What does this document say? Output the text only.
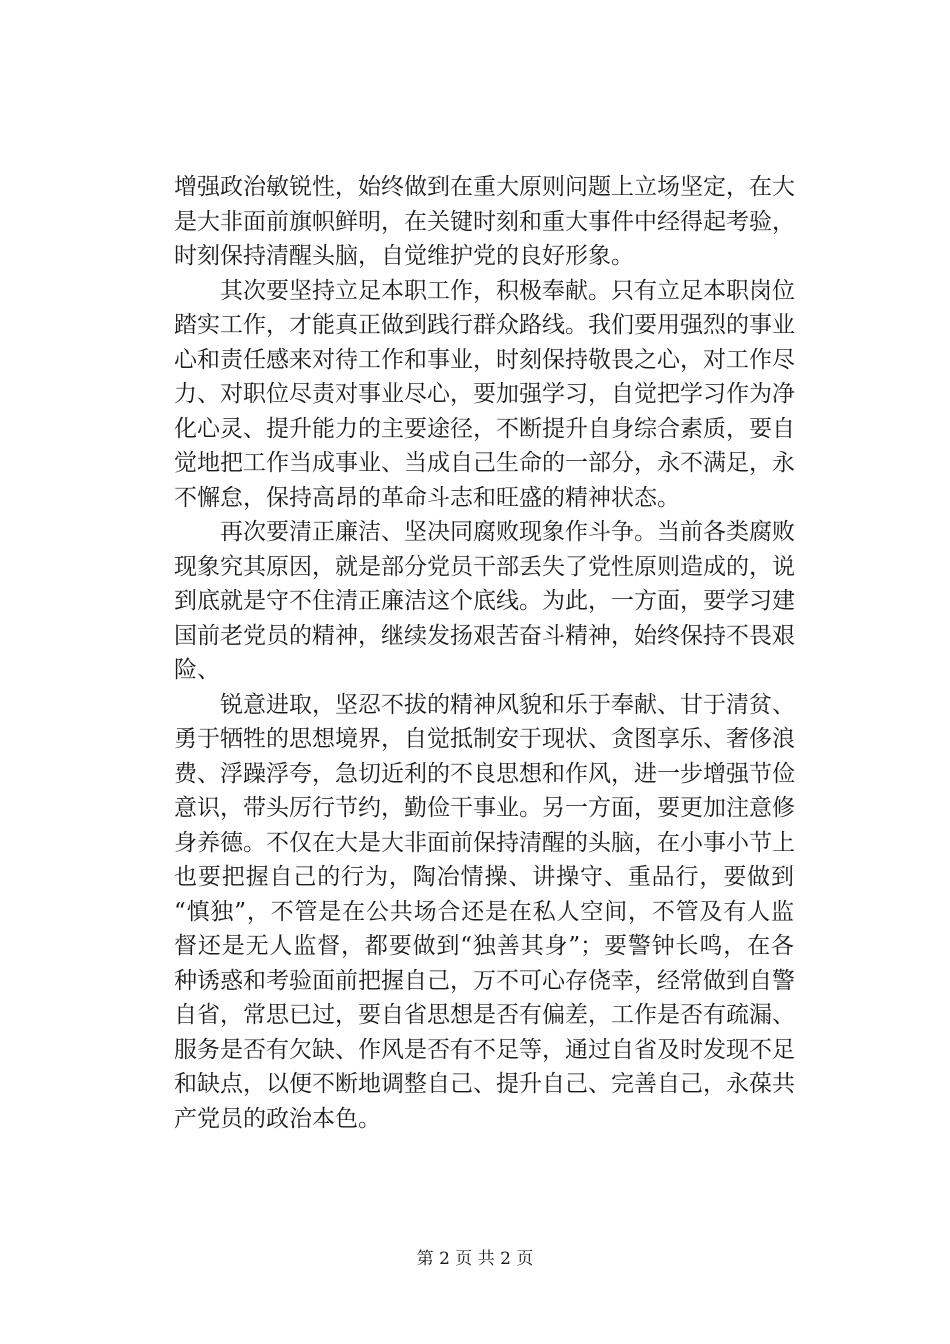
增强政治敏锐性，始终做到在重大原则问题上立场坚定，在大
是大非面前旗帜鲜明，在关键时刻和重大事件中经得起考验，
时刻保持清醒头脑，自觉维护党的良好形象。
　　其次要坚持立足本职工作，积极奉献。只有立足本职岗位
踏实工作，才能真正做到践行群众路线。我们要用强烈的事业
心和责任感来对待工作和事业，时刻保持敬畏之心，对工作尽
力、对职位尽责对事业尽心，要加强学习，自觉把学习作为净
化心灵、提升能力的主要途径，不断提升自身综合素质，要自
觉地把工作当成事业、当成自己生命的一部分，永不满足，永
不懈怠，保持高昂的革命斗志和旺盛的精神状态。
　　再次要清正廉洁、坚决同腐败现象作斗争。当前各类腐败
现象究其原因，就是部分党员干部丢失了党性原则造成的，说
到底就是守不住清正廉洁这个底线。为此，一方面，要学习建
国前老党员的精神，继续发扬艰苦奋斗精神，始终保持不畏艰
险、
　　锐意进取，坚忍不拔的精神风貌和乐于奉献、甘于清贫、
勇于牺牲的思想境界，自觉抵制安于现状、贪图享乐、奢侈浪
费、浮躁浮夸，急切近利的不良思想和作风，进一步增强节俭
意识，带头厉行节约，勤俭干事业。另一方面，要更加注意修
身养德。不仅在大是大非面前保持清醒的头脑，在小事小节上
也要把握自己的行为，陶冶情操、讲操守、重品行，要做到
“慎独”，不管是在公共场合还是在私人空间，不管及有人监
督还是无人监督，都要做到“独善其身”；要警钟长鸣，在各
种诱惑和考验面前把握自己，万不可心存侥幸，经常做到自警
自省，常思已过，要自省思想是否有偏差，工作是否有疏漏、
服务是否有欠缺、作风是否有不足等，通过自省及时发现不足
和缺点，以便不断地调整自己、提升自己、完善自己，永葆共
产党员的政治本色。
第 2 页 共 2 页
